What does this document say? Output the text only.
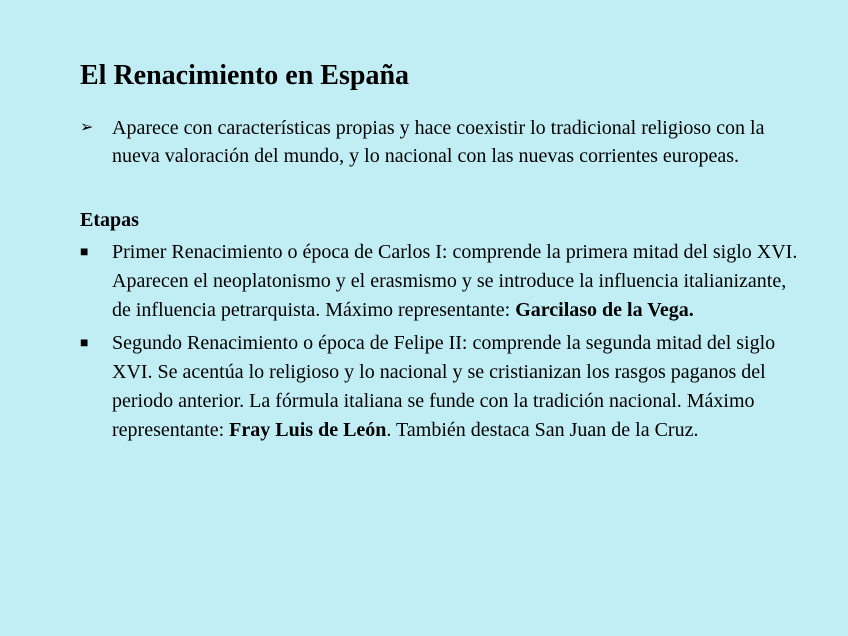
El Renacimiento en España
➢ Aparece con características propias y hace coexistir lo tradicional religioso con la nueva valoración del mundo, y lo nacional con las nuevas corrientes europeas.
Etapas
■	Primer Renacimiento o época de Carlos I: comprende la primera mitad del siglo XVI. Aparecen el neoplatonismo y el erasmismo y se introduce la influencia italianizante, de influencia petrarquista. Máximo representante: Garcilaso de la Vega.
■	Segundo Renacimiento o época de Felipe II: comprende la segunda mitad del siglo XVI. Se acentúa lo religioso y lo nacional y se cristianizan los rasgos paganos del periodo anterior. La fórmula italiana se funde con la tradición nacional. Máximo representante: Fray Luis de León. También destaca San Juan de la Cruz.
